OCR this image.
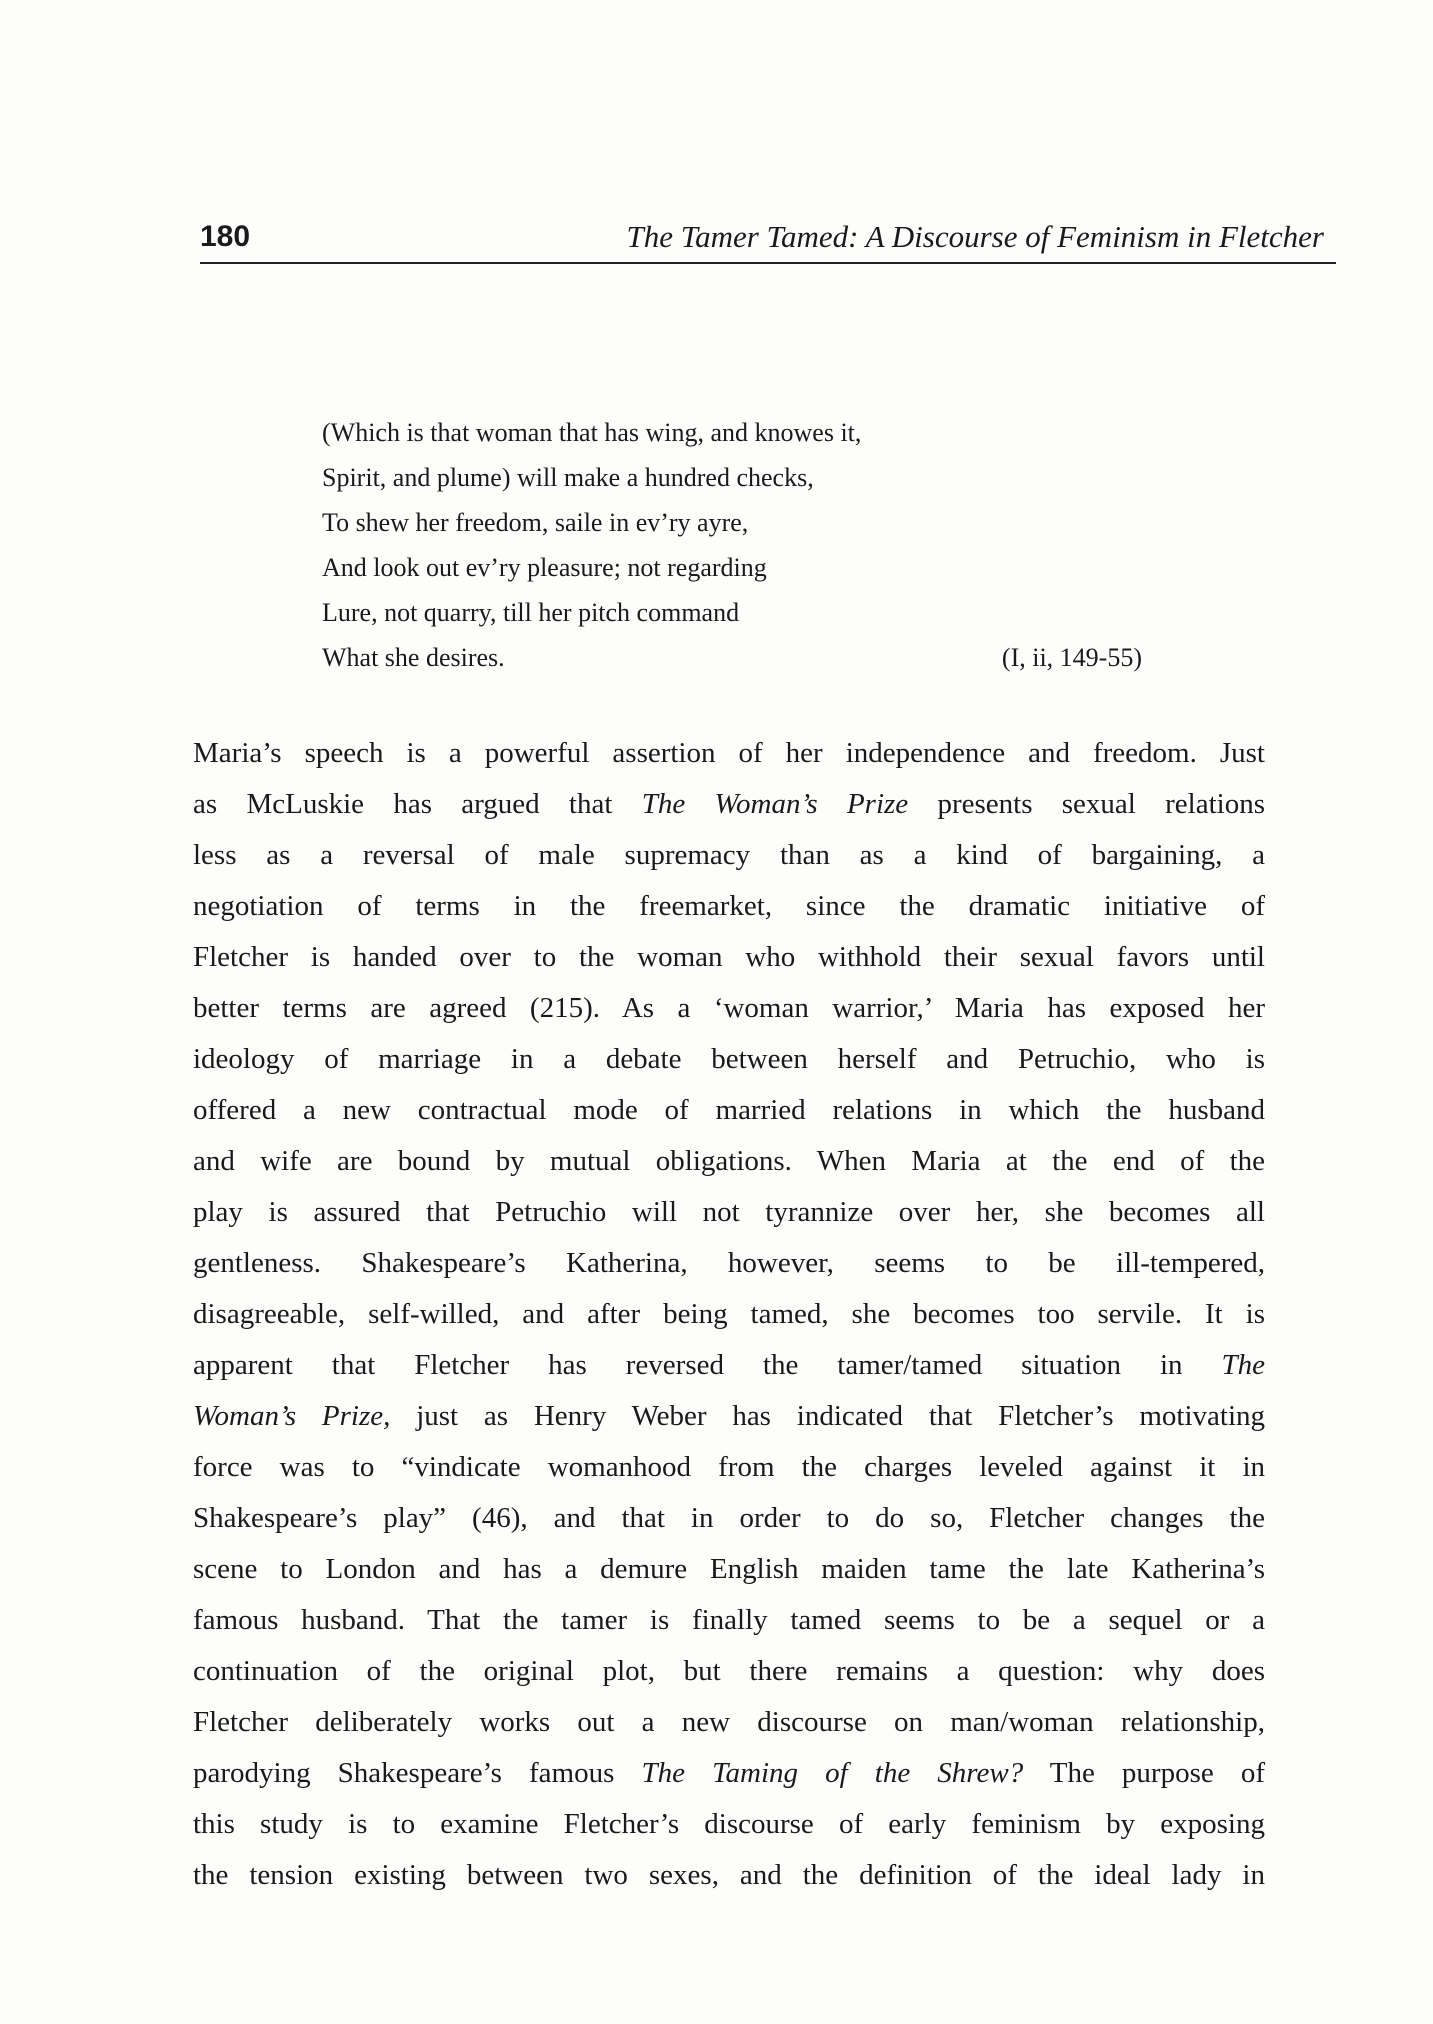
180	The Tamer Tamed: A Discourse of Feminism in Fletcher
(Which is that woman that has wing, and knowes it,
Spirit, and plume) will make a hundred checks,
To shew her freedom, saile in ev’ry ayre,
And look out ev’ry pleasure; not regarding
Lure, not quarry, till her pitch command
What she desires.	(I, ii, 149-55)
Maria’s speech is a powerful assertion of her independence and freedom. Just
as McLuskie has argued that The Woman’s Prize presents sexual relations
less as a reversal of male supremacy than as a kind of bargaining, a
negotiation of terms in the freemarket, since the dramatic initiative of
Fletcher is handed over to the woman who withhold their sexual favors until
better terms are agreed (215). As a ‘woman warrior,’ Maria has exposed her
ideology of marriage in a debate between herself and Petruchio, who is
offered a new contractual mode of married relations in which the husband
and wife are bound by mutual obligations. When Maria at the end of the
play is assured that Petruchio will not tyrannize over her, she becomes all
gentleness. Shakespeare’s Katherina, however, seems to be ill-tempered,
disagreeable, self-willed, and after being tamed, she becomes too servile. It is
apparent that Fletcher has reversed the tamer/tamed situation in The
Woman’s Prize, just as Henry Weber has indicated that Fletcher’s motivating
force was to “vindicate womanhood from the charges leveled against it in
Shakespeare’s play” (46), and that in order to do so, Fletcher changes the
scene to London and has a demure English maiden tame the late Katherina’s
famous husband. That the tamer is finally tamed seems to be a sequel or a
continuation of the original plot, but there remains a question: why does
Fletcher deliberately works out a new discourse on man/woman relationship,
parodying Shakespeare’s famous The Taming of the Shrew? The purpose of
this study is to examine Fletcher’s discourse of early feminism by exposing
the tension existing between two sexes, and the definition of the ideal lady in
